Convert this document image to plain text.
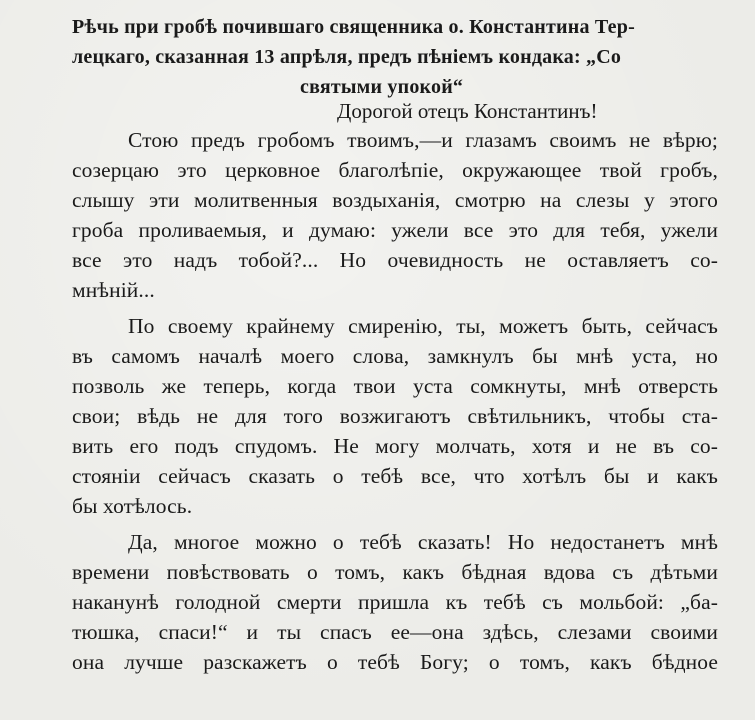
Рѣчь при гробѣ почившаго священника о. Константина Тер-
лецкаго, сказанная 13 апрѣля, предъ пѣніемъ кондака: „Со
святыми упокой“
Дорогой отецъ Константинъ!
Стою предъ гробомъ твоимъ,—и глазамъ своимъ не вѣрю;
созерцаю это церковное благолѣпіе, окружающее твой гробъ,
слышу эти молитвенныя воздыханія, смотрю на слезы у этого
гроба проливаемыя, и думаю: ужели все это для тебя, ужели
все это надъ тобой?... Но очевидность не оставляетъ со-
мнѣній...
По своему крайнему смиренію, ты, можетъ быть, сейчасъ
въ самомъ началѣ моего слова, замкнулъ бы мнѣ уста, но
позволь же теперь, когда твои уста сомкнуты, мнѣ отверсть
свои; вѣдь не для того возжигаютъ свѣтильникъ, чтобы ста-
вить его подъ спудомъ. Не могу молчать, хотя и не въ со-
стояніи сейчасъ сказать о тебѣ все, что хотѣлъ бы и какъ
бы хотѣлось.
Да, многое можно о тебѣ сказать! Но недостанетъ мнѣ
времени повѣствовать о томъ, какъ бѣдная вдова съ дѣтьми
наканунѣ голодной смерти пришла къ тебѣ съ мольбой: „ба-
тюшка, спаси!“ и ты спасъ ее—она здѣсь, слезами своими
она лучше разскажетъ о тебѣ Богу; о томъ, какъ бѣдное
